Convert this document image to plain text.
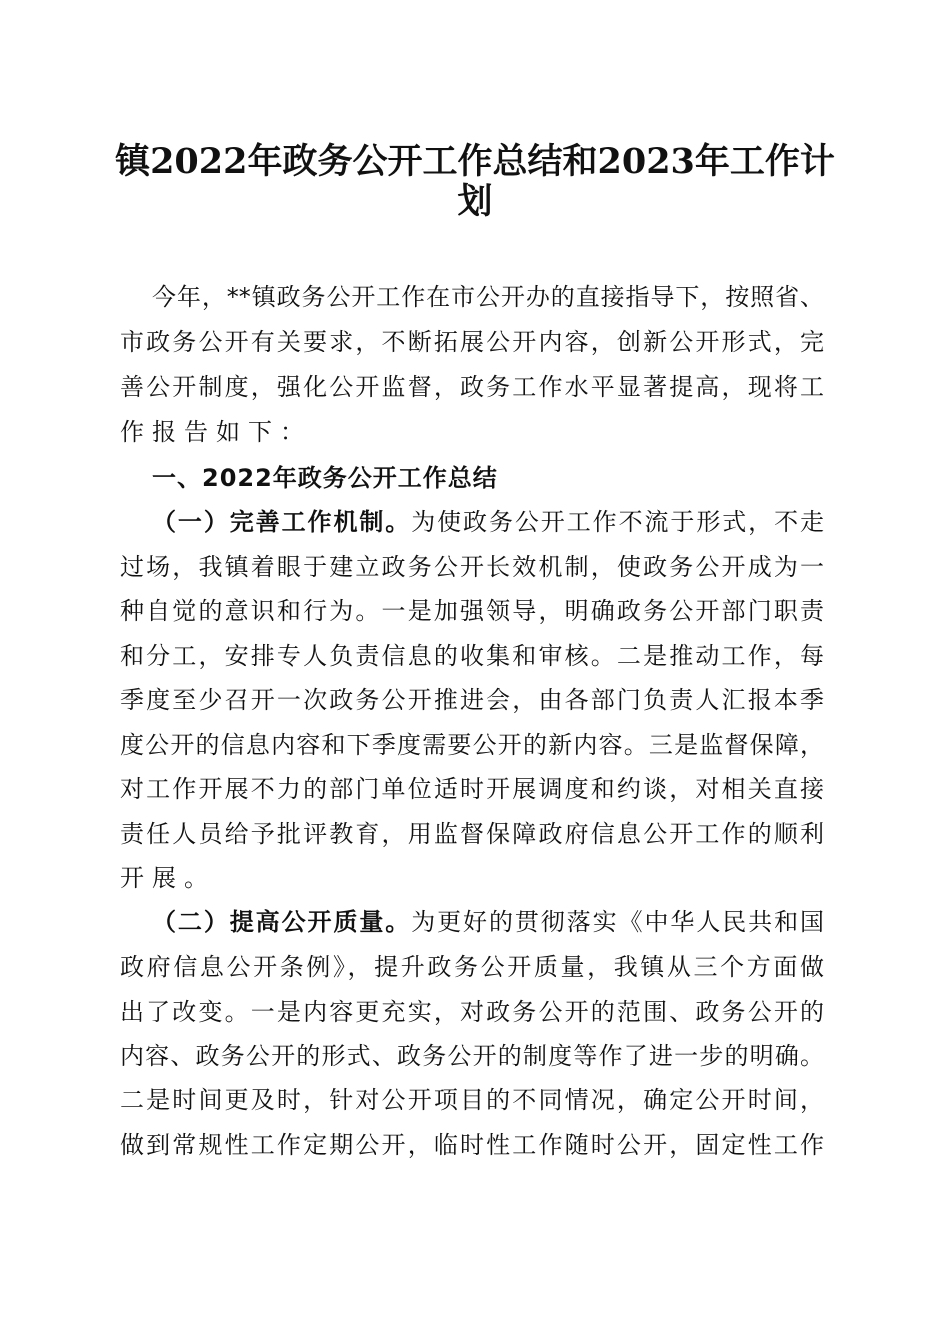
镇2022年政务公开工作总结和2023年工作计
划
今年，**镇政务公开工作在市公开办的直接指导下，按照省、
市政务公开有关要求，不断拓展公开内容，创新公开形式，完
善公开制度，强化公开监督，政务工作水平显著提高，现将工
作报告如下：
一、2022年政务公开工作总结
（一）完善工作机制。为使政务公开工作不流于形式，不走
过场，我镇着眼于建立政务公开长效机制，使政务公开成为一
种自觉的意识和行为。一是加强领导，明确政务公开部门职责
和分工，安排专人负责信息的收集和审核。二是推动工作，每
季度至少召开一次政务公开推进会，由各部门负责人汇报本季
度公开的信息内容和下季度需要公开的新内容。三是监督保障，
对工作开展不力的部门单位适时开展调度和约谈，对相关直接
责任人员给予批评教育，用监督保障政府信息公开工作的顺利
开展。
（二）提高公开质量。为更好的贯彻落实《中华人民共和国
政府信息公开条例》，提升政务公开质量，我镇从三个方面做
出了改变。一是内容更充实，对政务公开的范围、政务公开的
内容、政务公开的形式、政务公开的制度等作了进一步的明确。
二是时间更及时，针对公开项目的不同情况，确定公开时间，
做到常规性工作定期公开，临时性工作随时公开，固定性工作
